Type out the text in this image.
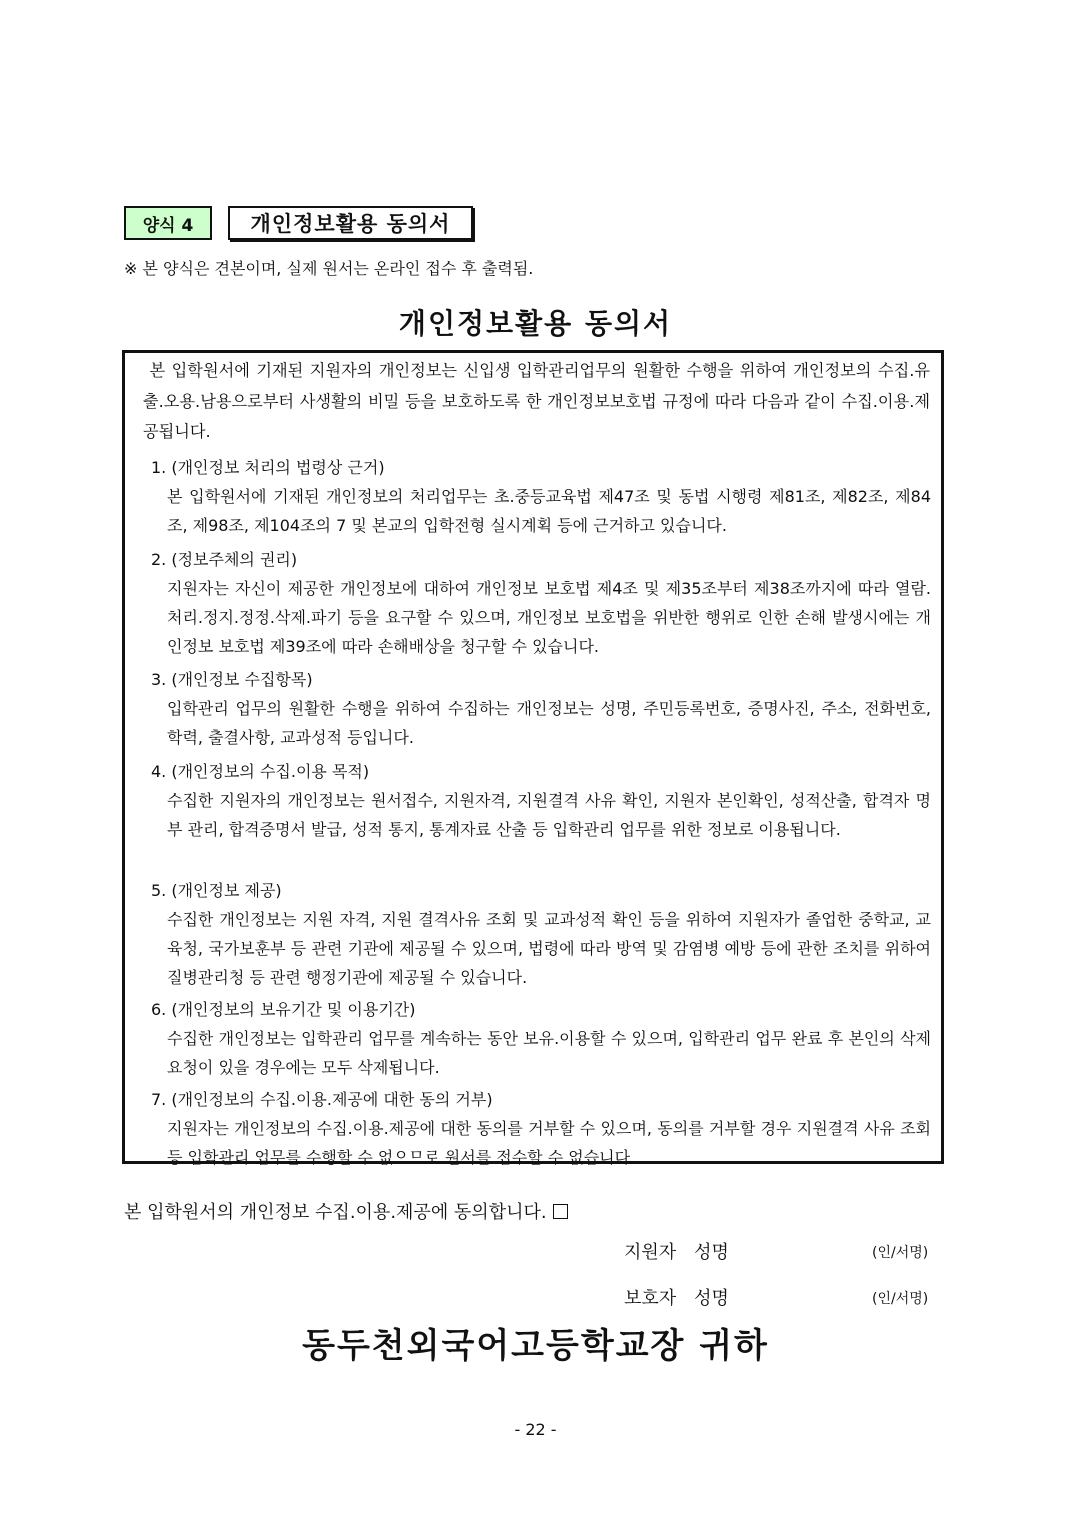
양식 4	개인정보활용 동의서
※ 본 양식은 견본이며, 실제 원서는 온라인 접수 후 출력됨.
개인정보활용 동의서
본 입학원서에 기재된 지원자의 개인정보는 신입생 입학관리업무의 원활한 수행을 위하여 개인정보의 수집.유출.오용.남용으로부터 사생활의 비밀 등을 보호하도록 한 개인정보보호법 규정에 따라 다음과 같이 수집.이용.제공됩니다.
1. (개인정보 처리의 법령상 근거)
본 입학원서에 기재된 개인정보의 처리업무는 초.중등교육법 제47조 및 동법 시행령 제81조, 제82조, 제84조, 제98조, 제104조의 7 및 본교의 입학전형 실시계획 등에 근거하고 있습니다.
2. (정보주체의 권리)
지원자는 자신이 제공한 개인정보에 대하여 개인정보 보호법 제4조 및 제35조부터 제38조까지에 따라 열람.처리.정지.정정.삭제.파기 등을 요구할 수 있으며, 개인정보 보호법을 위반한 행위로 인한 손해 발생시에는 개인정보 보호법 제39조에 따라 손해배상을 청구할 수 있습니다.
3. (개인정보 수집항목)
입학관리 업무의 원활한 수행을 위하여 수집하는 개인정보는 성명, 주민등록번호, 증명사진, 주소, 전화번호, 학력, 출결사항, 교과성적 등입니다.
4. (개인정보의 수집.이용 목적)
수집한 지원자의 개인정보는 원서접수, 지원자격, 지원결격 사유 확인, 지원자 본인확인, 성적산출, 합격자 명부 관리, 합격증명서 발급, 성적 통지, 통계자료 산출 등 입학관리 업무를 위한 정보로 이용됩니다.
5. (개인정보 제공)
수집한 개인정보는 지원 자격, 지원 결격사유 조회 및 교과성적 확인 등을 위하여 지원자가 졸업한 중학교, 교육청, 국가보훈부 등 관련 기관에 제공될 수 있으며, 법령에 따라 방역 및 감염병 예방 등에 관한 조치를 위하여 질병관리청 등 관련 행정기관에 제공될 수 있습니다.
6. (개인정보의 보유기간 및 이용기간)
수집한 개인정보는 입학관리 업무를 계속하는 동안 보유.이용할 수 있으며, 입학관리 업무 완료 후 본인의 삭제요청이 있을 경우에는 모두 삭제됩니다.
7. (개인정보의 수집.이용.제공에 대한 동의 거부)
지원자는 개인정보의 수집.이용.제공에 대한 동의를 거부할 수 있으며, 동의를 거부할 경우 지원결격 사유 조회 등 입학관리 업무를 수행할 수 없으므로 원서를 접수할 수 없습니다.
본 입학원서의 개인정보 수집.이용.제공에 동의합니다.
지원자 성명	(인/서명)
보호자 성명	(인/서명)
동두천외국어고등학교장 귀하
- 22 -
